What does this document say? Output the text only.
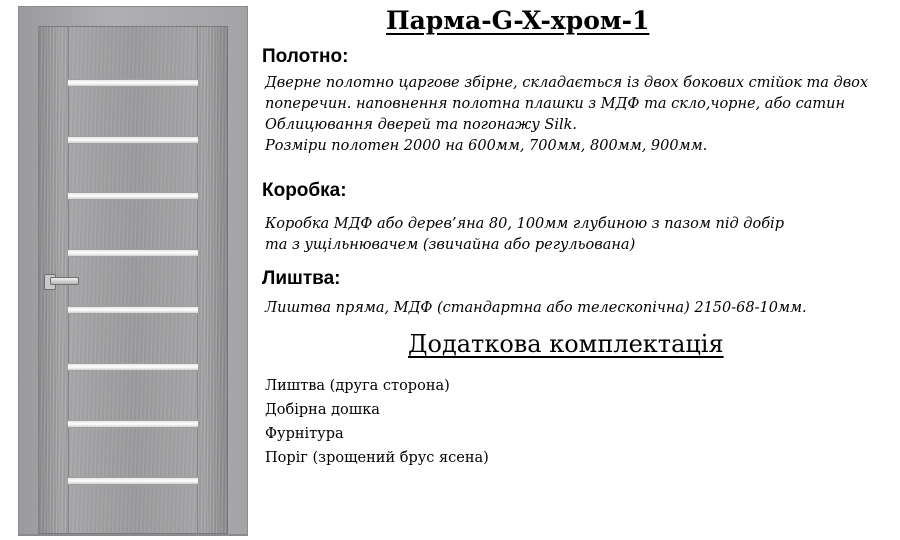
Парма-G-X-хром-1
Полотно:
Дверне полотно царгове збірне, складається із двох бокових стійок та двох
поперечин. наповнення полотна плашки з МДФ та скло,чорне, або сатин
Облицювання дверей та погонажу Silk.
Розміри полотен 2000 на 600мм, 700мм, 800мм, 900мм.
Коробка:
Коробка МДФ або дерев’яна 80, 100мм глубиною з пазом під добір
та з ущільнювачем (звичайна або регульована)
Лиштва:
Лиштва пряма, МДФ (стандартна або телескопічна) 2150-68-10мм.
Додаткова комплектація
Лиштва (друга сторона)
Добірна дошка
Фурнітура
Поріг (зрощений брус ясена)
